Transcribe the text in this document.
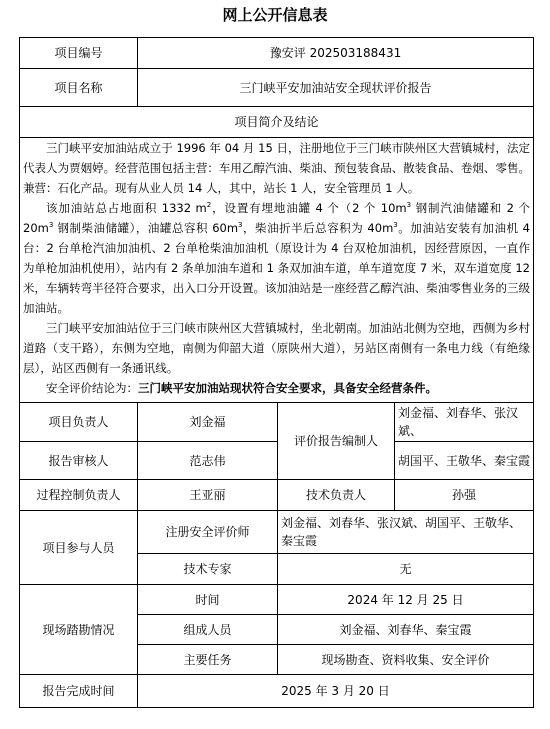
网上公开信息表
项目编号	豫安评 202503188431		
项目名称	三门峡平安加油站安全现状评价报告		
项目简介及结论			

三门峡平安加油站成立于 1996 年 04 月 15 日，注册地位于三门峡市陕州区大营镇城村，法定代表人为贾姻婷。经营范围包括主营：车用乙醇汽油、柴油、预包装食品、散装食品、卷烟、零售。兼营：石化产品。现有从业人员 14 人，其中，站长 1 人，安全管理员 1 人。

该加油站总占地面积 1332 $m^2$，设置有埋地油罐 4 个（2 个 $10m^3$ 钢制汽油储罐和 2 个 $20m^3$ 钢制柴油储罐），油罐总容积 $60m^3$，柴油折半后总容积为 $40m^3$。加油站安装有加油机 4 台：2 台单枪汽油加油机、2 台单枪柴油加油机（原设计为 4 台双枪加油机，因经营原因，一直作为单枪加油机使用），站内有 2 条单加油车道和 1 条双加油车道，单车道宽度 7 米，双车道宽度 12 米，车辆转弯半径符合要求，出入口分开设置。该加油站是一座经营乙醇汽油、柴油零售业务的三级加油站。

三门峡平安加油站位于三门峡市陕州区大营镇城村，坐北朝南。加油站北侧为空地，西侧为乡村道路（支干路），东侧为空地，南侧为仰韶大道（原陕州大道），另站区南侧有一条电力线（有绝缘层），站区西侧有一条通讯线。

安全评价结论为：三门峡平安加油站现状符合安全要求，具备安全经营条件。			

项目负责人	刘金福	评价报告编制人	刘金福、刘春华、张汉斌、
报告审核人	范志伟		胡国平、王敬华、秦宝霞
过程控制负责人	王亚丽	技术负责人	孙强
项目参与人员	注册安全评价师	刘金福、刘春华、张汉斌、胡国平、王敬华、秦宝霞	
	技术专家	无	
现场踏勘情况	时间	2024 年 12 月 25 日	
	组成人员	刘金福、刘春华、秦宝霞	
	主要任务	现场勘查、资料收集、安全评价	
报告完成时间	2025 年 3 月 20 日		
